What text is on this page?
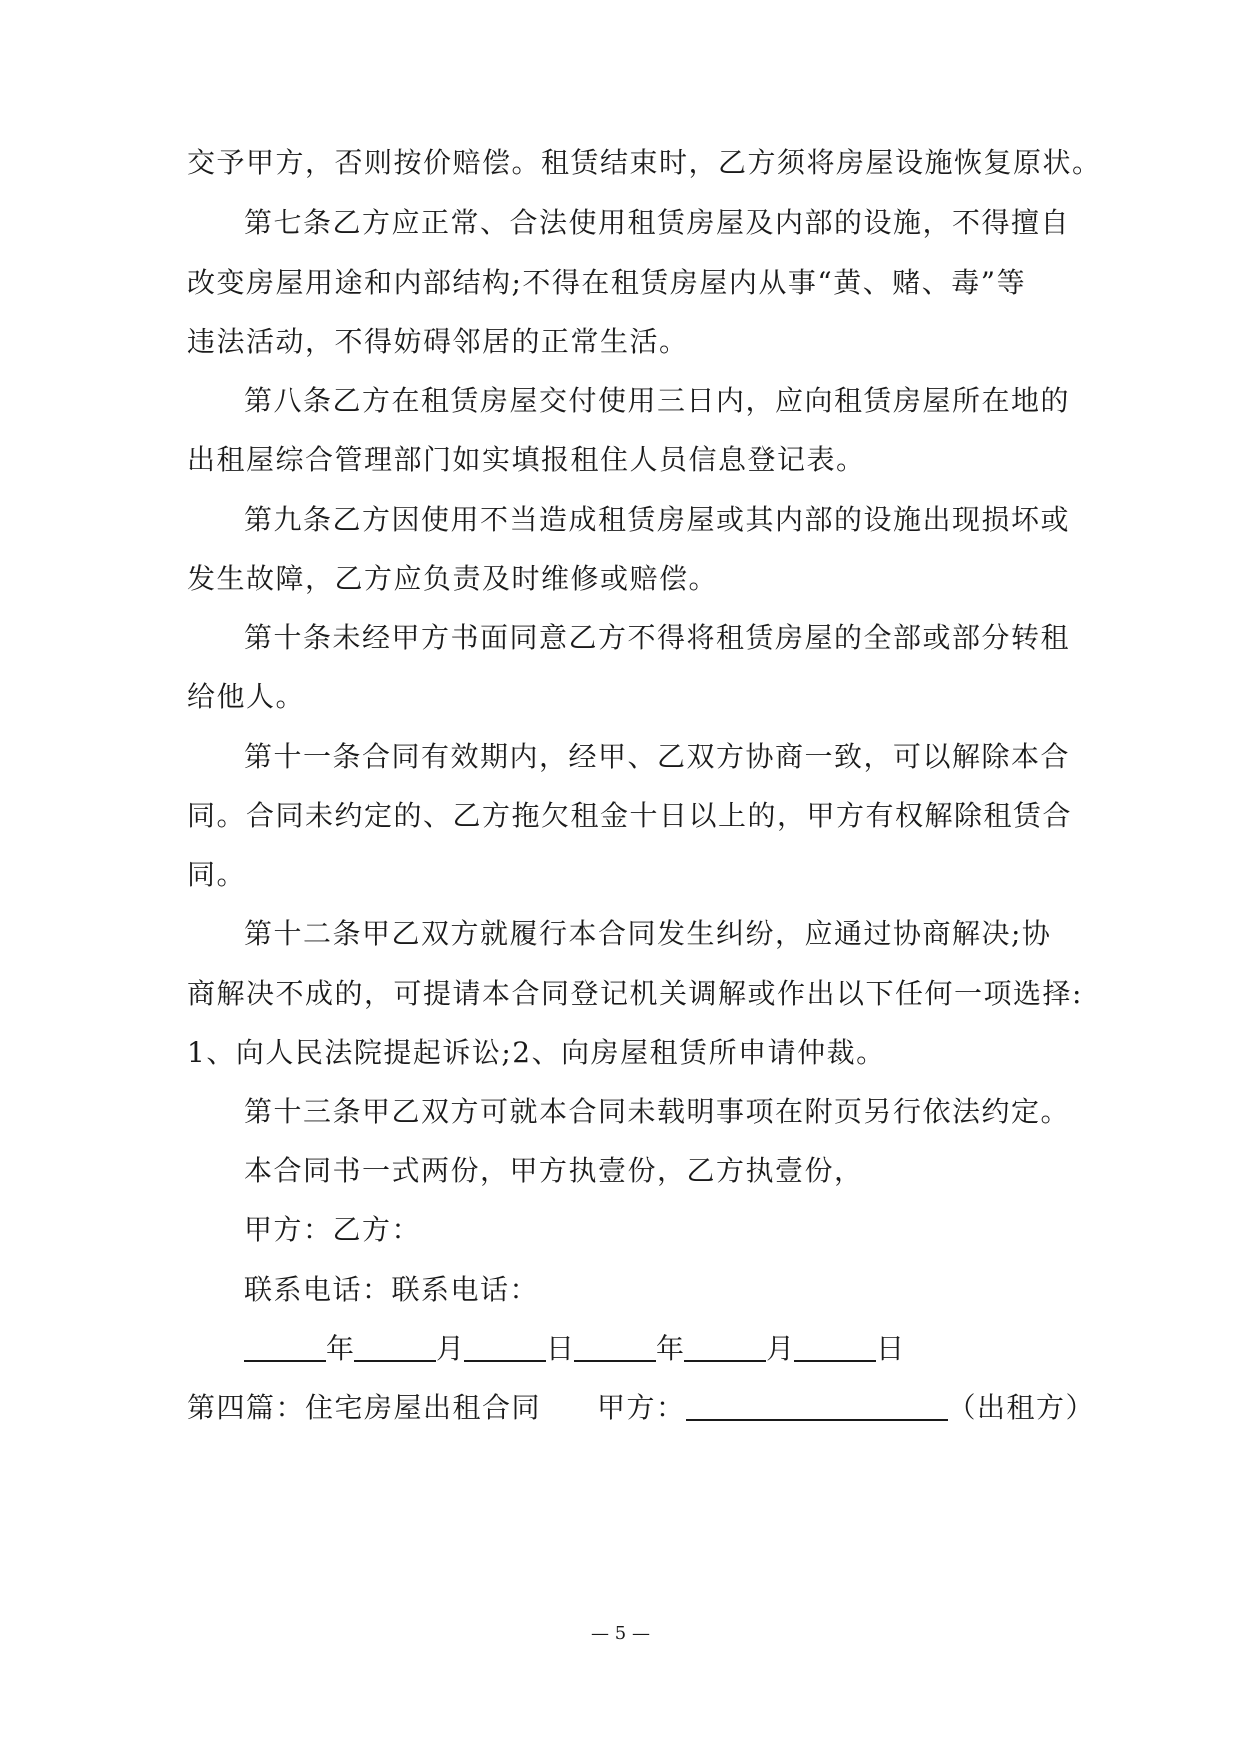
交予甲方，否则按价赔偿。租赁结束时，乙方须将房屋设施恢复原状。
第七条乙方应正常、合法使用租赁房屋及内部的设施，不得擅自
改变房屋用途和内部结构;不得在租赁房屋内从事“黄、赌、毒”等
违法活动，不得妨碍邻居的正常生活。
第八条乙方在租赁房屋交付使用三日内，应向租赁房屋所在地的
出租屋综合管理部门如实填报租住人员信息登记表。
第九条乙方因使用不当造成租赁房屋或其内部的设施出现损坏或
发生故障，乙方应负责及时维修或赔偿。
第十条未经甲方书面同意乙方不得将租赁房屋的全部或部分转租
给他人。
第十一条合同有效期内，经甲、乙双方协商一致，可以解除本合
同。合同未约定的、乙方拖欠租金十日以上的，甲方有权解除租赁合
同。
第十二条甲乙双方就履行本合同发生纠纷，应通过协商解决;协
商解决不成的，可提请本合同登记机关调解或作出以下任何一项选择:
1、向人民法院提起诉讼;2、向房屋租赁所申请仲裁。
第十三条甲乙双方可就本合同未载明事项在附页另行依法约定。
本合同书一式两份，甲方执壹份，乙方执壹份，
甲方：乙方：
联系电话：联系电话：
年	月	日	年	月	日
第四篇：住宅房屋出租合同 甲方：	（出租方）
— 5 —
